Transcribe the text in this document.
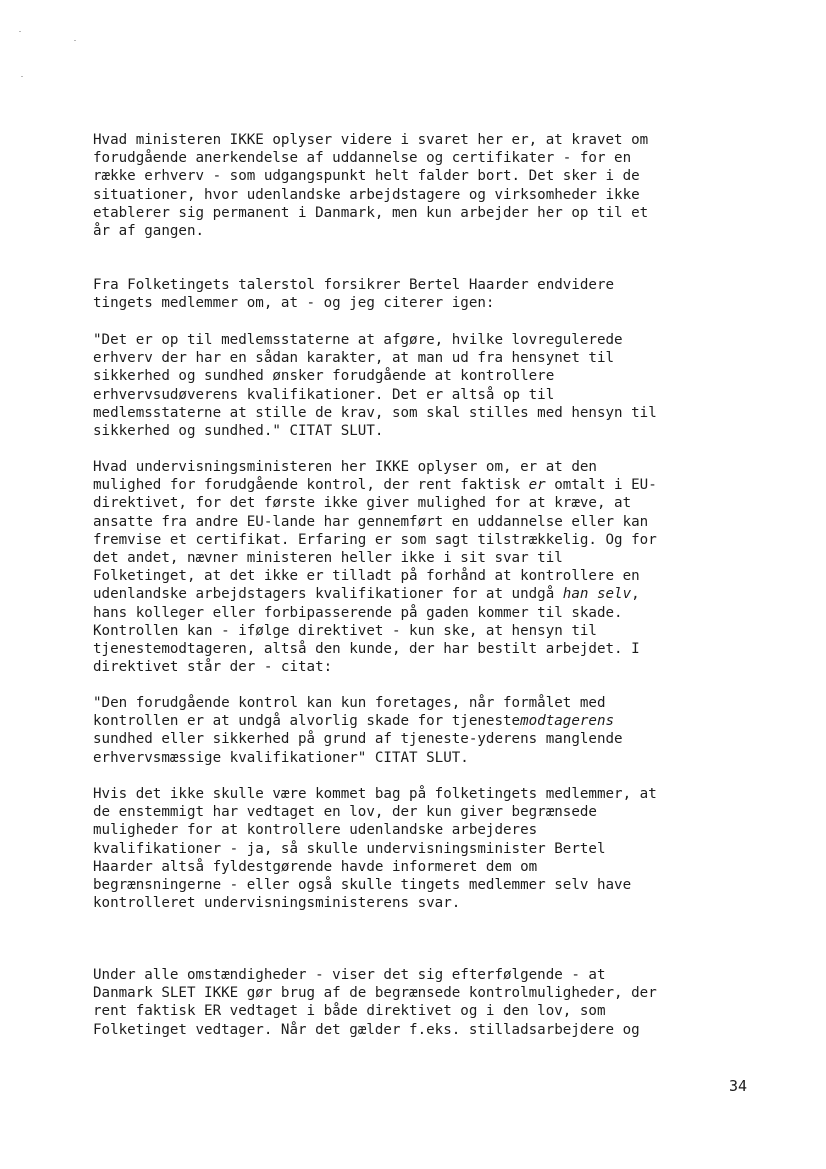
Hvad ministeren IKKE oplyser videre i svaret her er, at kravet om
forudgående anerkendelse af uddannelse og certifikater - for en
række erhverv - som udgangspunkt helt falder bort. Det sker i de
situationer, hvor udenlandske arbejdstagere og virksomheder ikke
etablerer sig permanent i Danmark, men kun arbejder her op til et
år af gangen.

Fra Folketingets talerstol forsikrer Bertel Haarder endvidere
tingets medlemmer om, at - og jeg citerer igen:

"Det er op til medlemsstaterne at afgøre, hvilke lovregulerede
erhverv der har en sådan karakter, at man ud fra hensynet til
sikkerhed og sundhed ønsker forudgående at kontrollere
erhvervsudøverens kvalifikationer. Det er altså op til
medlemsstaterne at stille de krav, som skal stilles med hensyn til
sikkerhed og sundhed." CITAT SLUT.

Hvad undervisningsministeren her IKKE oplyser om, er at den
mulighed for forudgående kontrol, der rent faktisk er omtalt i EU-
direktivet, for det første ikke giver mulighed for at kræve, at
ansatte fra andre EU-lande har gennemført en uddannelse eller kan
fremvise et certifikat. Erfaring er som sagt tilstrækkelig. Og for
det andet, nævner ministeren heller ikke i sit svar til
Folketinget, at det ikke er tilladt på forhånd at kontrollere en
udenlandske arbejdstagers kvalifikationer for at undgå han selv,
hans kolleger eller forbipasserende på gaden kommer til skade.
Kontrollen kan - ifølge direktivet - kun ske, at hensyn til
tjenestemodtageren, altså den kunde, der har bestilt arbejdet. I
direktivet står der - citat:

"Den forudgående kontrol kan kun foretages, når formålet med
kontrollen er at undgå alvorlig skade for tjenestemodtagerens
sundhed eller sikkerhed på grund af tjeneste-yderens manglende
erhvervsmæssige kvalifikationer" CITAT SLUT.

Hvis det ikke skulle være kommet bag på folketingets medlemmer, at
de enstemmigt har vedtaget en lov, der kun giver begrænsede
muligheder for at kontrollere udenlandske arbejderes
kvalifikationer - ja, så skulle undervisningsminister Bertel
Haarder altså fyldestgørende havde informeret dem om
begrænsningerne - eller også skulle tingets medlemmer selv have
kontrolleret undervisningsministerens svar.

Under alle omstændigheder - viser det sig efterfølgende - at
Danmark SLET IKKE gør brug af de begrænsede kontrolmuligheder, der
rent faktisk ER vedtaget i både direktivet og i den lov, som
Folketinget vedtager. Når det gælder f.eks. stilladsarbejdere og

34
